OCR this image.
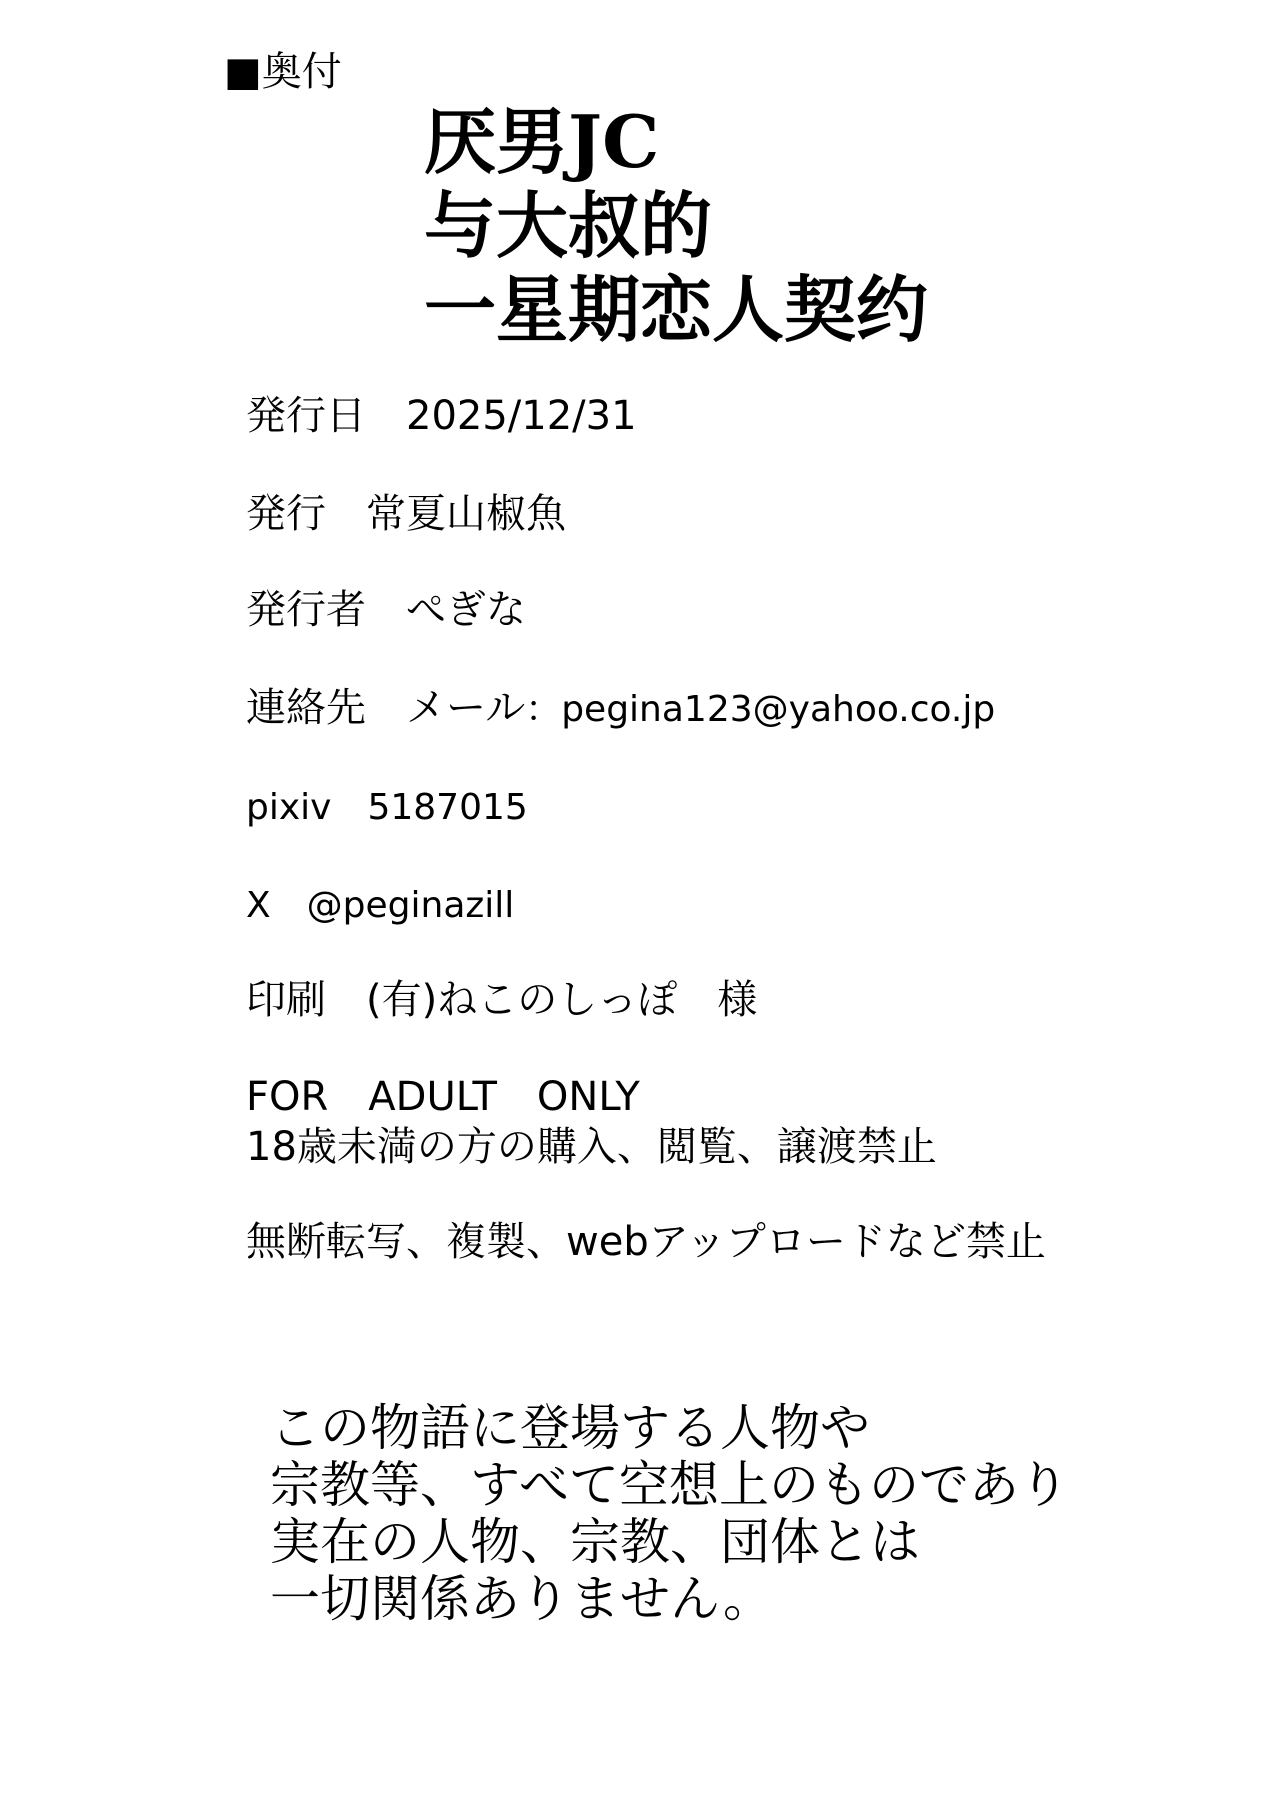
■奥付
厌男JC
与大叔的
一星期恋人契约
発行日 2025/12/31
発行 常夏山椒魚
発行者 ぺぎな
連絡先 メール：pegina123@yahoo.co.jp
pixiv 5187015
X @peginazill
印刷 (有)ねこのしっぽ　様
FOR　ADULT　ONLY
18歳未満の方の購入、閲覧、譲渡禁止
無断転写、複製、webアップロードなど禁止
この物語に登場する人物や
宗教等、すべて空想上のものであり
実在の人物、宗教、団体とは
一切関係ありません。
